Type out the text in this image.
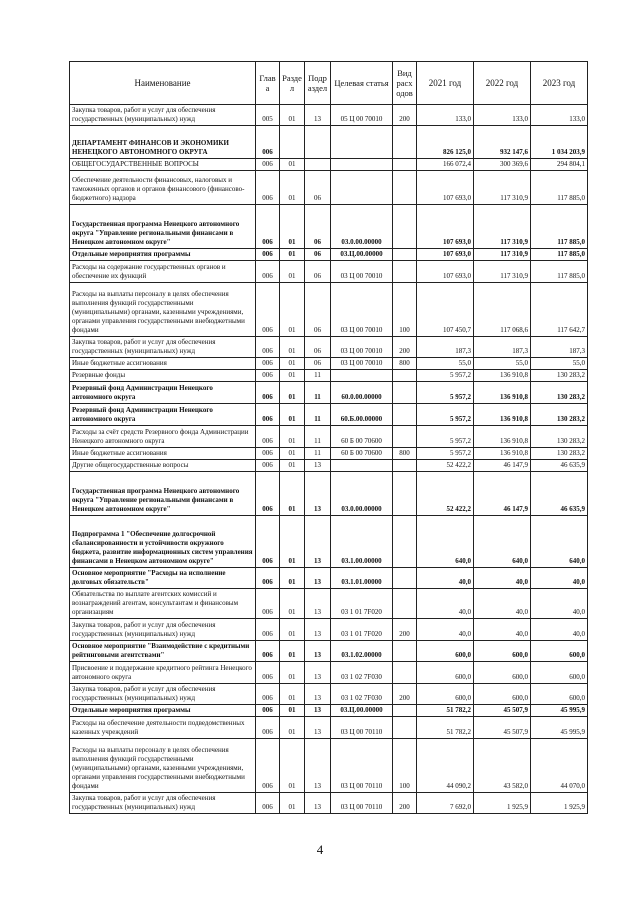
Наименование	Глав а	Разде л	Подр аздел	Целевая статья	Вид расх одов	2021 год	2022 год	2023 год
Закупка товаров, работ и услуг для обеспечения государственных (муниципальных) нужд	005	01	13	05 Ц 00 70010	200	133,0	133,0	133,0
ДЕПАРТАМЕНТ ФИНАНСОВ И ЭКОНОМИКИ НЕНЕЦКОГО АВТОНОМНОГО ОКРУГА	006					826 125,0	932 147,6	1 034 203,9
ОБЩЕГОСУДАРСТВЕННЫЕ ВОПРОСЫ	006	01				166 072,4	300 369,6	294 804,1
Обеспечение деятельности финансовых, налоговых и таможенных органов и органов финансового (финансово-бюджетного) надзора	006	01	06			107 693,0	117 310,9	117 885,0
Государственная программа Ненецкого автономного округа "Управление региональными финансами в Ненецком автономном округе"	006	01	06	03.0.00.00000		107 693,0	117 310,9	117 885,0
Отдельные мероприятия программы	006	01	06	03.Ц.00.00000		107 693,0	117 310,9	117 885,0
Расходы на содержание государственных органов и обеспечение их функций	006	01	06	03 Ц 00 70010		107 693,0	117 310,9	117 885,0
Расходы на выплаты персоналу в целях обеспечения выполнения функций государственными (муниципальными) органами, казенными учреждениями, органами управления государственными внебюджетными фондами	006	01	06	03 Ц 00 70010	100	107 450,7	117 068,6	117 642,7
Закупка товаров, работ и услуг для обеспечения государственных (муниципальных) нужд	006	01	06	03 Ц 00 70010	200	187,3	187,3	187,3
Иные бюджетные ассигнования	006	01	06	03 Ц 00 70010	800	55,0	55,0	55,0
Резервные фонды	006	01	11			5 957,2	136 910,8	130 283,2
Резервный фонд Администрации Ненецкого автономного округа	006	01	11	60.0.00.00000		5 957,2	136 910,8	130 283,2
Резервный фонд Администрации Ненецкого автономного округа	006	01	11	60.Б.00.00000		5 957,2	136 910,8	130 283,2
Расходы за счёт средств Резервного фонда Администрации Ненецкого автономного округа	006	01	11	60 Б 00 70600		5 957,2	136 910,8	130 283,2
Иные бюджетные ассигнования	006	01	11	60 Б 00 70600	800	5 957,2	136 910,8	130 283,2
Другие общегосударственные вопросы	006	01	13			52 422,2	46 147,9	46 635,9
Государственная программа Ненецкого автономного округа "Управление региональными финансами в Ненецком автономном округе"	006	01	13	03.0.00.00000		52 422,2	46 147,9	46 635,9
Подпрограмма 1 "Обеспечение долгосрочной сбалансированности и устойчивости окружного бюджета, развитие информационных систем управления финансами в Ненецком автономном округе"	006	01	13	03.1.00.00000		640,0	640,0	640,0
Основное мероприятие "Расходы на исполнение долговых обязательств"	006	01	13	03.1.01.00000		40,0	40,0	40,0
Обязательства по выплате агентских комиссий и вознаграждений агентам, консультантам и финансовым организациям	006	01	13	03 1 01 7F020		40,0	40,0	40,0
Закупка товаров, работ и услуг для обеспечения государственных (муниципальных) нужд	006	01	13	03 1 01 7F020	200	40,0	40,0	40,0
Основное мероприятие "Взаимодействие с кредитными рейтинговыми агентствами"	006	01	13	03.1.02.00000		600,0	600,0	600,0
Присвоение и поддержание кредитного рейтинга Ненецкого автономного округа	006	01	13	03 1 02 7F030		600,0	600,0	600,0
Закупка товаров, работ и услуг для обеспечения государственных (муниципальных) нужд	006	01	13	03 1 02 7F030	200	600,0	600,0	600,0
Отдельные мероприятия программы	006	01	13	03.Ц.00.00000		51 782,2	45 507,9	45 995,9
Расходы на обеспечение деятельности подведомственных казенных учреждений	006	01	13	03 Ц 00 70110		51 782,2	45 507,9	45 995,9
Расходы на выплаты персоналу в целях обеспечения выполнения функций государственными (муниципальными) органами, казенными учреждениями, органами управления государственными внебюджетными фондами	006	01	13	03 Ц 00 70110	100	44 090,2	43 582,0	44 070,0
Закупка товаров, работ и услуг для обеспечения государственных (муниципальных) нужд	006	01	13	03 Ц 00 70110	200	7 692,0	1 925,9	1 925,9
4
